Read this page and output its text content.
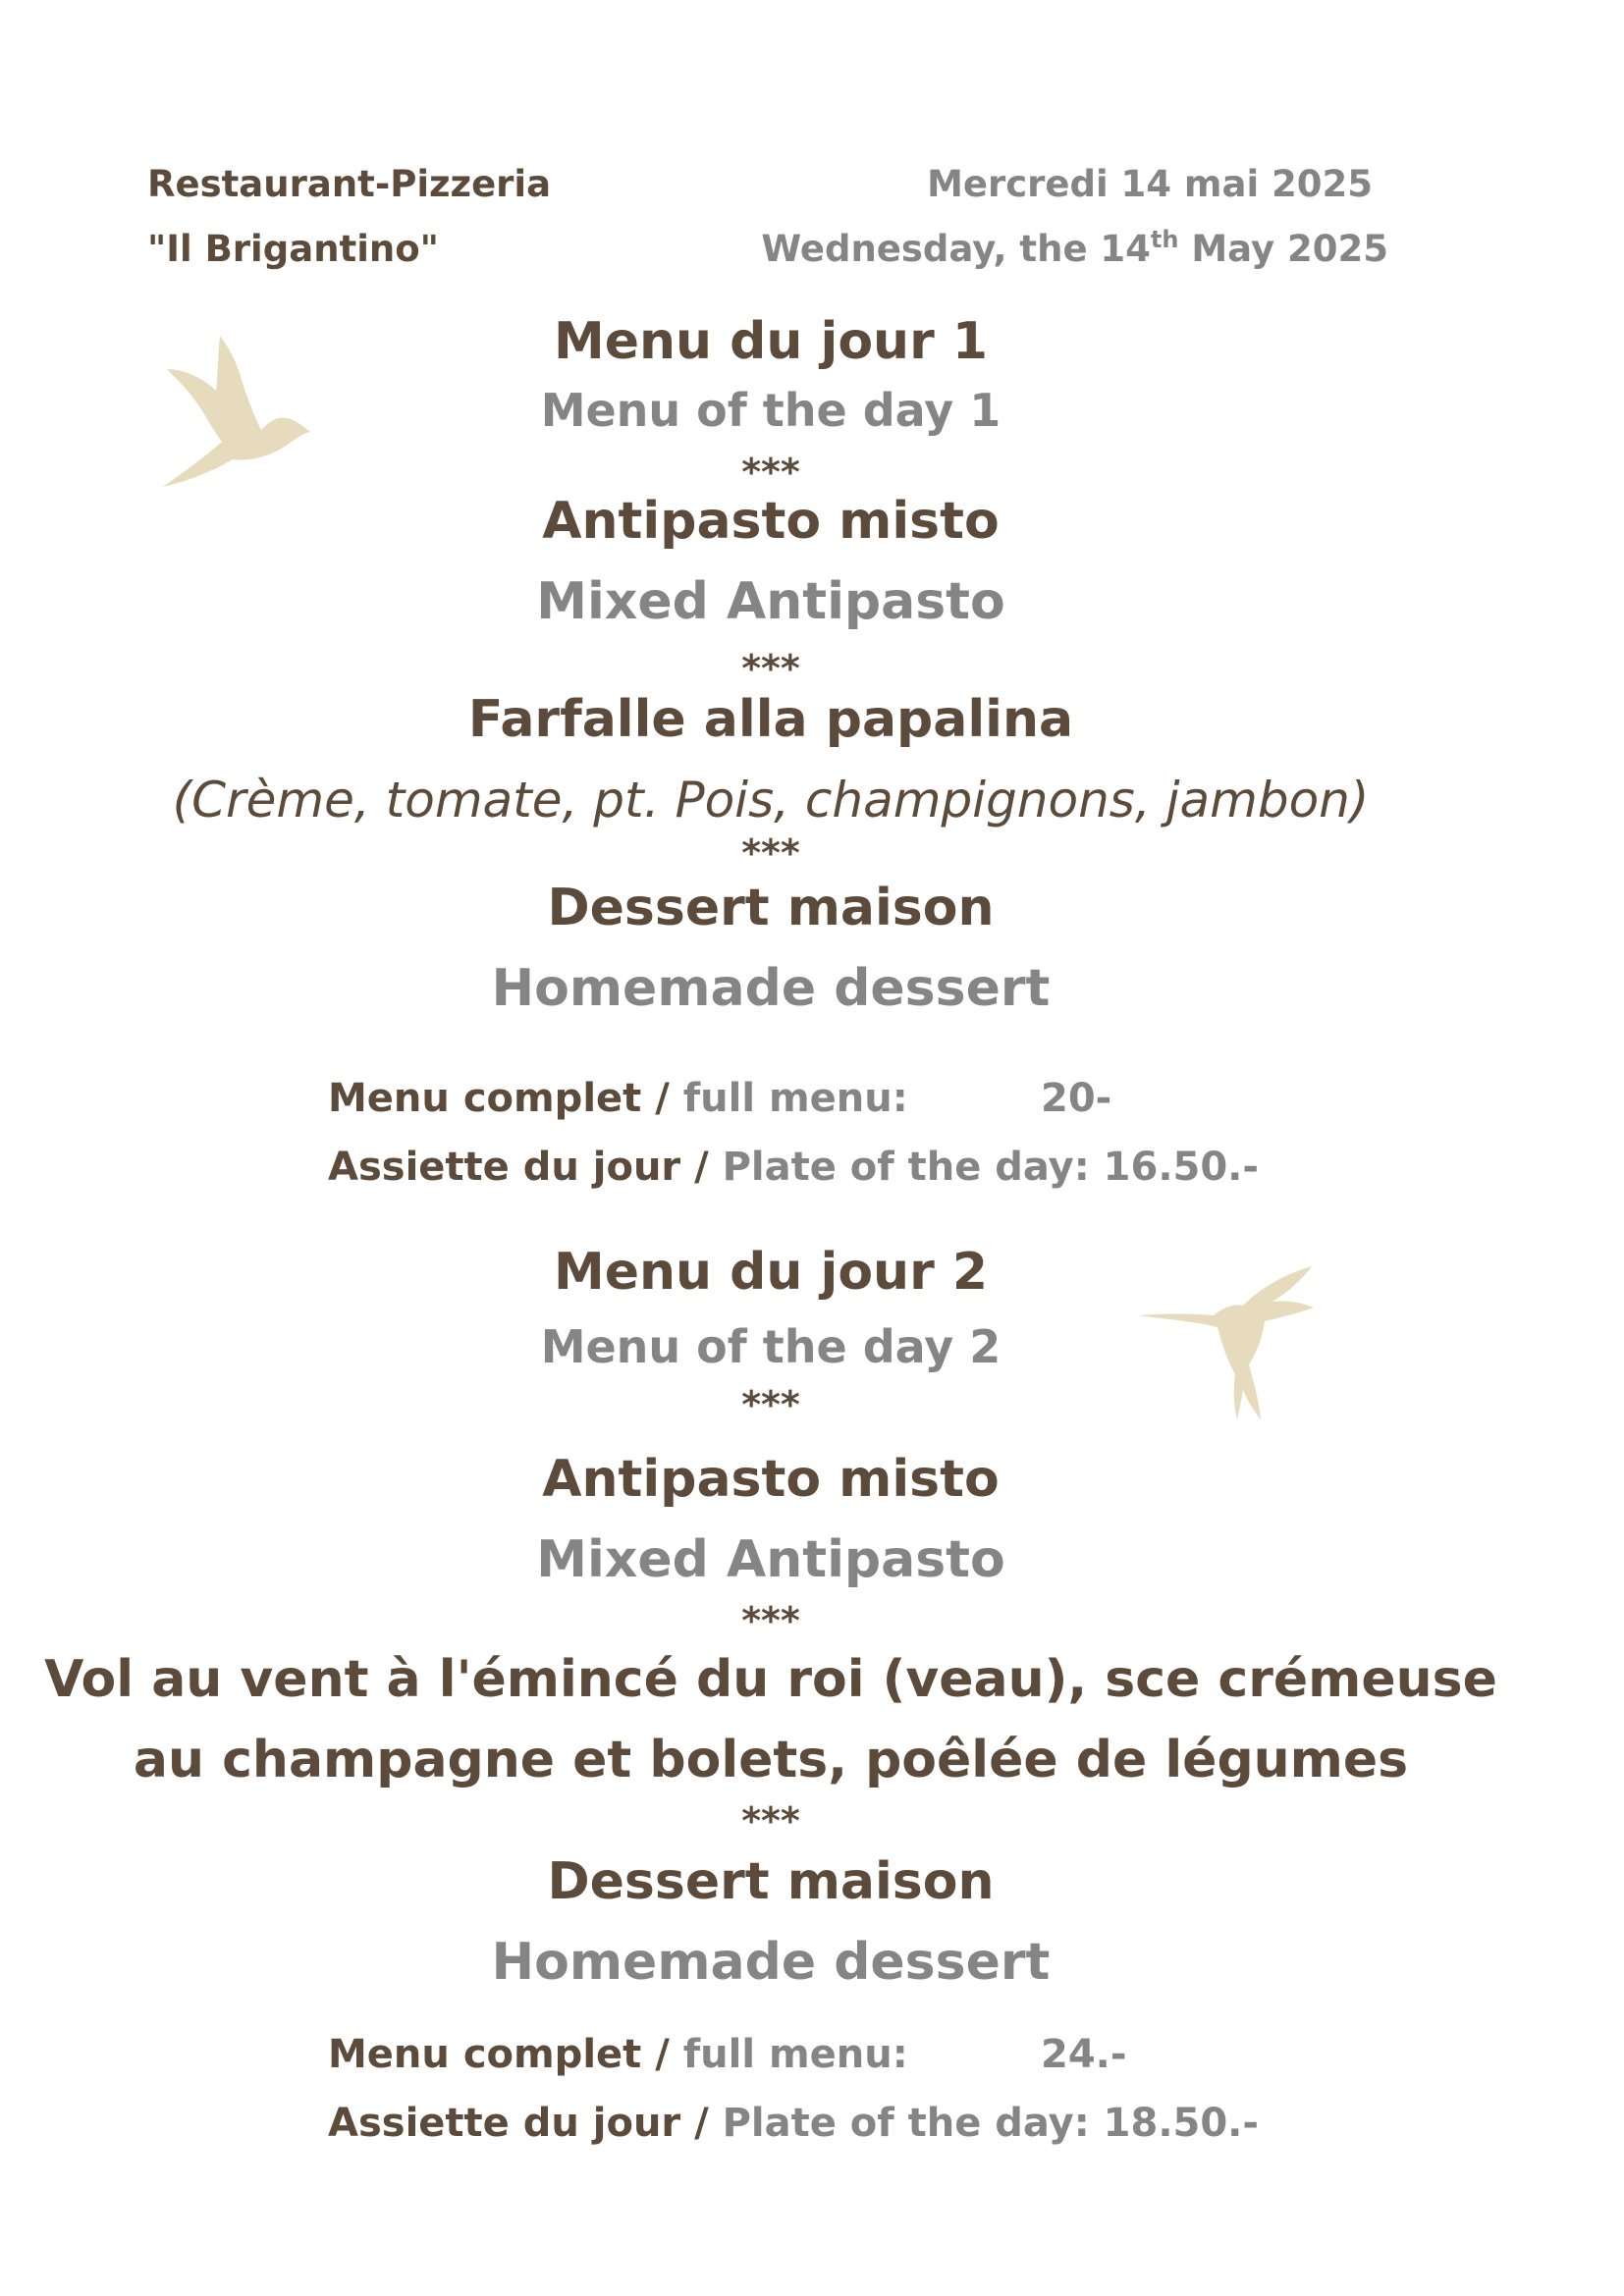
Restaurant-Pizzeria
"Il Brigantino"
Mercredi 14 mai 2025
Wednesday, the 14th May 2025
Menu du jour 1
Menu of the day 1
***
Antipasto misto
Mixed Antipasto
***
Farfalle alla papalina
***
(Crème, tomate, pt. Pois, champignons, jambon)
Dessert maison
Homemade dessert
Menu complet / full menu:	20-
Assiette du jour / Plate of the day: 16.50.-
Menu du jour 2
Menu of the day 2
***
Antipasto misto
Mixed Antipasto
***
Vol au vent à l'émincé du roi (veau), sce crémeuse
au champagne et bolets, poêlée de légumes
***
Dessert maison
Homemade dessert
Menu complet / full menu:	24.-
Assiette du jour / Plate of the day: 18.50.-
